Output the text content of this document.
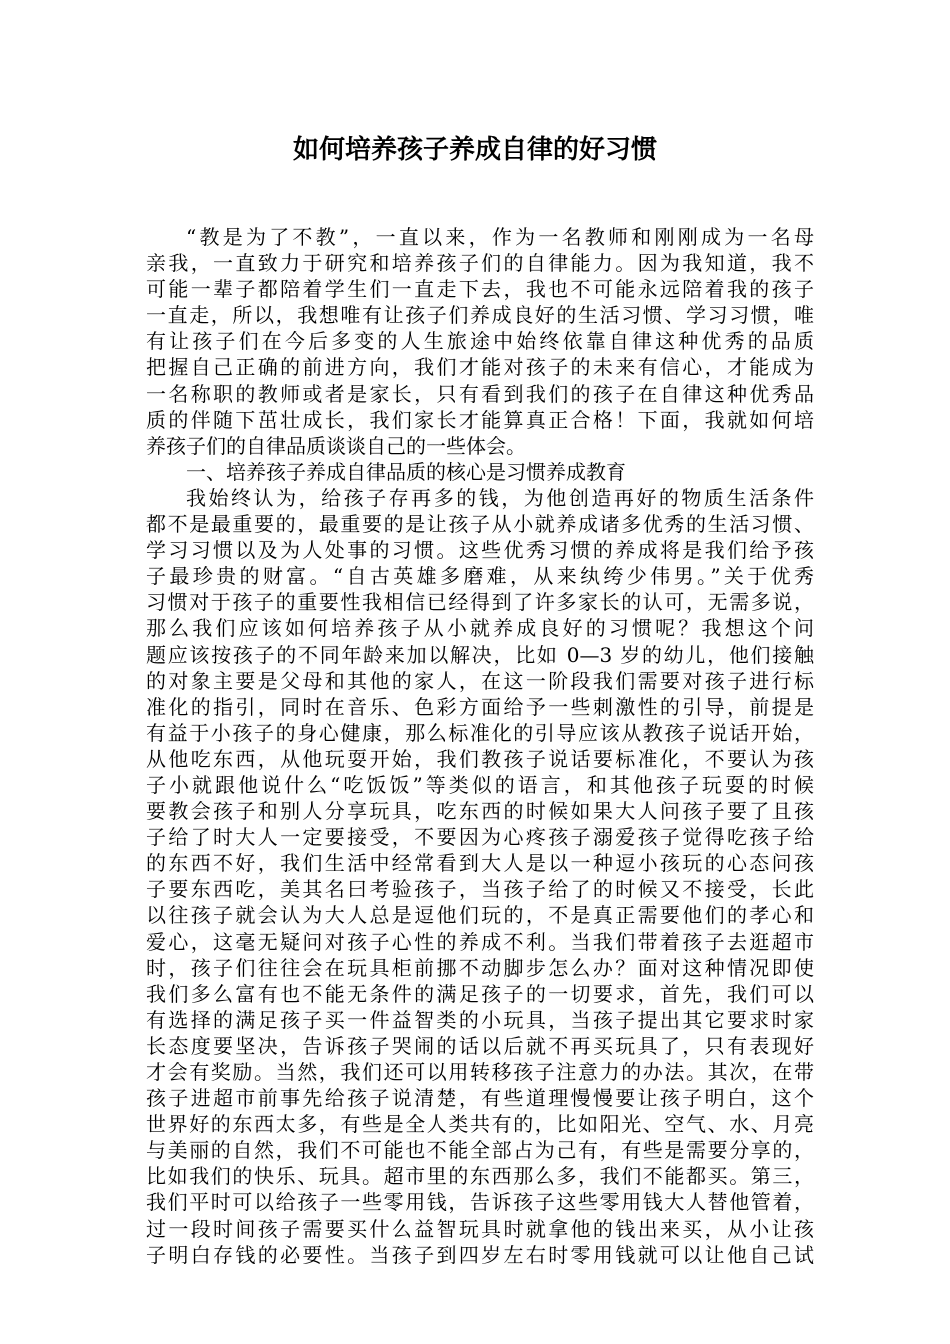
如何培养孩子养成自律的好习惯
“教是为了不教”，一直以来，作为一名教师和刚刚成为一名母
亲我，一直致力于研究和培养孩子们的自律能力。因为我知道，我不
可能一辈子都陪着学生们一直走下去，我也不可能永远陪着我的孩子
一直走，所以，我想唯有让孩子们养成良好的生活习惯、学习习惯，唯
有让孩子们在今后多变的人生旅途中始终依靠自律这种优秀的品质
把握自己正确的前进方向，我们才能对孩子的未来有信心，才能成为
一名称职的教师或者是家长，只有看到我们的孩子在自律这种优秀品
质的伴随下茁壮成长，我们家长才能算真正合格！下面，我就如何培
养孩子们的自律品质谈谈自己的一些体会。
一、培养孩子养成自律品质的核心是习惯养成教育
我始终认为，给孩子存再多的钱，为他创造再好的物质生活条件
都不是最重要的，最重要的是让孩子从小就养成诸多优秀的生活习惯、
学习习惯以及为人处事的习惯。这些优秀习惯的养成将是我们给予孩
子最珍贵的财富。“自古英雄多磨难，从来纨绔少伟男。”关于优秀
习惯对于孩子的重要性我相信已经得到了许多家长的认可，无需多说，
那么我们应该如何培养孩子从小就养成良好的习惯呢？我想这个问
题应该按孩子的不同年龄来加以解决，比如 0—3 岁的幼儿，他们接触
的对象主要是父母和其他的家人，在这一阶段我们需要对孩子进行标
准化的指引，同时在音乐、色彩方面给予一些刺激性的引导，前提是
有益于小孩子的身心健康，那么标准化的引导应该从教孩子说话开始，
从他吃东西，从他玩耍开始，我们教孩子说话要标准化，不要认为孩
子小就跟他说什么“吃饭饭”等类似的语言，和其他孩子玩耍的时候
要教会孩子和别人分享玩具，吃东西的时候如果大人问孩子要了且孩
子给了时大人一定要接受，不要因为心疼孩子溺爱孩子觉得吃孩子给
的东西不好，我们生活中经常看到大人是以一种逗小孩玩的心态问孩
子要东西吃，美其名曰考验孩子，当孩子给了的时候又不接受，长此
以往孩子就会认为大人总是逗他们玩的，不是真正需要他们的孝心和
爱心，这毫无疑问对孩子心性的养成不利。当我们带着孩子去逛超市
时，孩子们往往会在玩具柜前挪不动脚步怎么办？面对这种情况即使
我们多么富有也不能无条件的满足孩子的一切要求，首先，我们可以
有选择的满足孩子买一件益智类的小玩具，当孩子提出其它要求时家
长态度要坚决，告诉孩子哭闹的话以后就不再买玩具了，只有表现好
才会有奖励。当然，我们还可以用转移孩子注意力的办法。其次，在带
孩子进超市前事先给孩子说清楚，有些道理慢慢要让孩子明白，这个
世界好的东西太多，有些是全人类共有的，比如阳光、空气、水、月亮
与美丽的自然，我们不可能也不能全部占为己有，有些是需要分享的，
比如我们的快乐、玩具。超市里的东西那么多，我们不能都买。第三，
我们平时可以给孩子一些零用钱，告诉孩子这些零用钱大人替他管着，
过一段时间孩子需要买什么益智玩具时就拿他的钱出来买，从小让孩
子明白存钱的必要性。当孩子到四岁左右时零用钱就可以让他自己试
